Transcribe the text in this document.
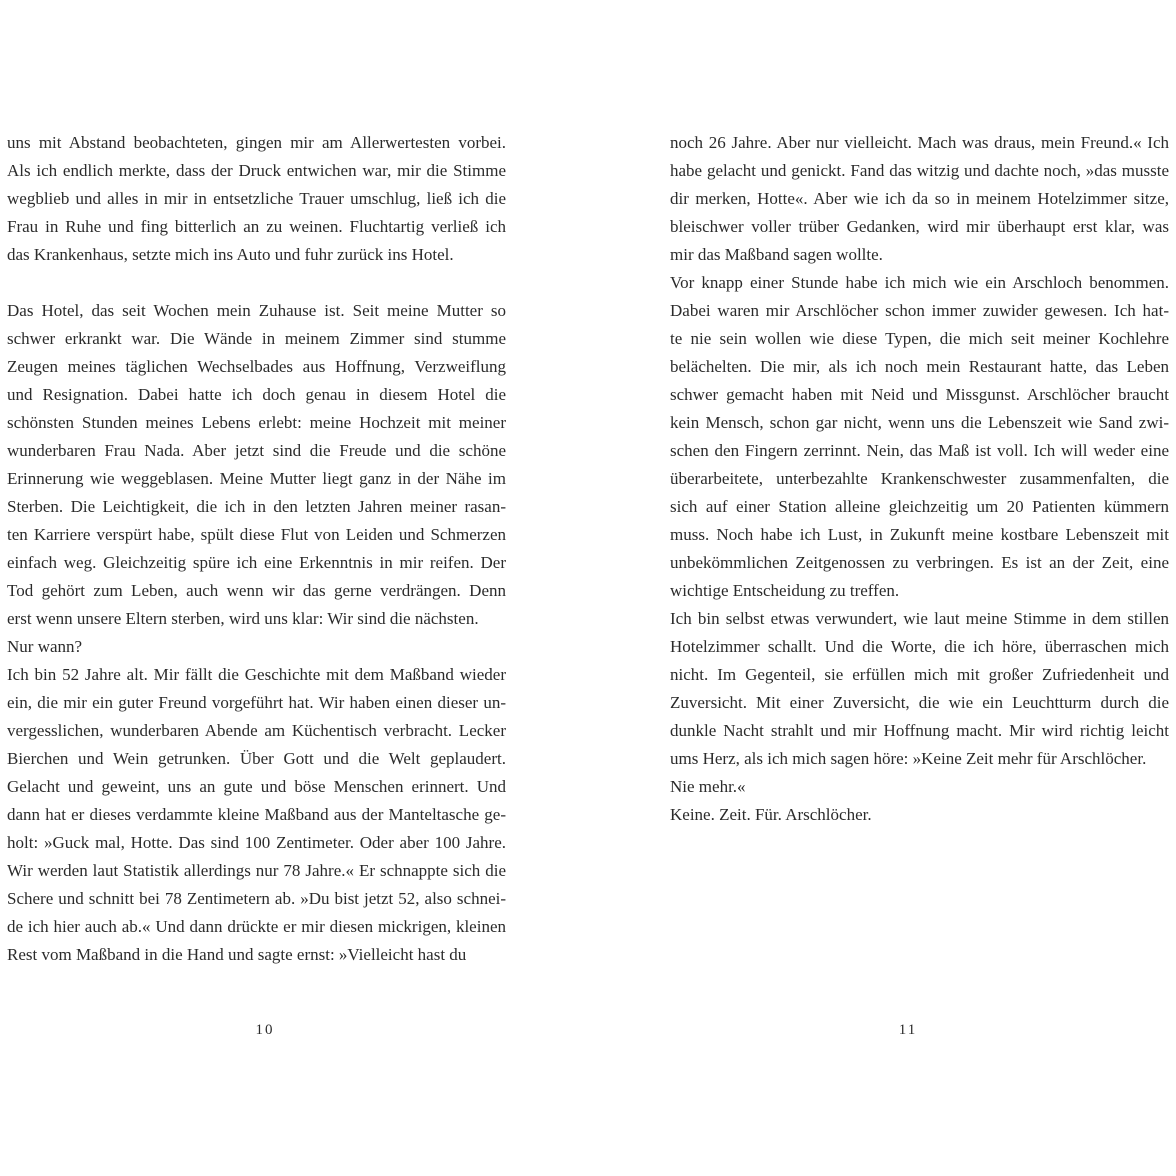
uns mit Abstand beobachteten, gingen mir am Allerwertesten vorbei.
Als ich endlich merkte, dass der Druck entwichen war, mir die Stimme
wegblieb und alles in mir in entsetzliche Trauer umschlug, ließ ich die
Frau in Ruhe und fing bitterlich an zu weinen. Fluchtartig verließ ich
das Krankenhaus, setzte mich ins Auto und fuhr zurück ins Hotel.
Das Hotel, das seit Wochen mein Zuhause ist. Seit meine Mutter so
schwer erkrankt war. Die Wände in meinem Zimmer sind stumme
Zeugen meines täglichen Wechselbades aus Hoffnung, Verzweiflung
und Resignation. Dabei hatte ich doch genau in diesem Hotel die
schönsten Stunden meines Lebens erlebt: meine Hochzeit mit meiner
wunderbaren Frau Nada. Aber jetzt sind die Freude und die schöne
Erinnerung wie weggeblasen. Meine Mutter liegt ganz in der Nähe im
Sterben. Die Leichtigkeit, die ich in den letzten Jahren meiner rasan-
ten Karriere verspürt habe, spült diese Flut von Leiden und Schmerzen
einfach weg. Gleichzeitig spüre ich eine Erkenntnis in mir reifen. Der
Tod gehört zum Leben, auch wenn wir das gerne verdrängen. Denn
erst wenn unsere Eltern sterben, wird uns klar: Wir sind die nächsten.
Nur wann?
Ich bin 52 Jahre alt. Mir fällt die Geschichte mit dem Maßband wieder
ein, die mir ein guter Freund vorgeführt hat. Wir haben einen dieser un-
vergesslichen, wunderbaren Abende am Küchentisch verbracht. Lecker
Bierchen und Wein getrunken. Über Gott und die Welt geplaudert.
Gelacht und geweint, uns an gute und böse Menschen erinnert. Und
dann hat er dieses verdammte kleine Maßband aus der Manteltasche ge-
holt: »Guck mal, Hotte. Das sind 100 Zentimeter. Oder aber 100 Jahre.
Wir werden laut Statistik allerdings nur 78 Jahre.« Er schnappte sich die
Schere und schnitt bei 78 Zentimetern ab. »Du bist jetzt 52, also schnei-
de ich hier auch ab.« Und dann drückte er mir diesen mickrigen, kleinen
Rest vom Maßband in die Hand und sagte ernst: »Vielleicht hast du
noch 26 Jahre. Aber nur vielleicht. Mach was draus, mein Freund.« Ich
habe gelacht und genickt. Fand das witzig und dachte noch, »das musste
dir merken, Hotte«. Aber wie ich da so in meinem Hotelzimmer sitze,
bleischwer voller trüber Gedanken, wird mir überhaupt erst klar, was
mir das Maßband sagen wollte.
Vor knapp einer Stunde habe ich mich wie ein Arschloch benommen.
Dabei waren mir Arschlöcher schon immer zuwider gewesen. Ich hat-
te nie sein wollen wie diese Typen, die mich seit meiner Kochlehre
belächelten. Die mir, als ich noch mein Restaurant hatte, das Leben
schwer gemacht haben mit Neid und Missgunst. Arschlöcher braucht
kein Mensch, schon gar nicht, wenn uns die Lebenszeit wie Sand zwi-
schen den Fingern zerrinnt. Nein, das Maß ist voll. Ich will weder eine
überarbeitete, unterbezahlte Krankenschwester zusammenfalten, die
sich auf einer Station alleine gleichzeitig um 20 Patienten kümmern
muss. Noch habe ich Lust, in Zukunft meine kostbare Lebenszeit mit
unbekömmlichen Zeitgenossen zu verbringen. Es ist an der Zeit, eine
wichtige Entscheidung zu treffen.
Ich bin selbst etwas verwundert, wie laut meine Stimme in dem stillen
Hotelzimmer schallt. Und die Worte, die ich höre, überraschen mich
nicht. Im Gegenteil, sie erfüllen mich mit großer Zufriedenheit und
Zuversicht. Mit einer Zuversicht, die wie ein Leuchtturm durch die
dunkle Nacht strahlt und mir Hoffnung macht. Mir wird richtig leicht
ums Herz, als ich mich sagen höre: »Keine Zeit mehr für Arschlöcher.
Nie mehr.«
Keine. Zeit. Für. Arschlöcher.
10	11
